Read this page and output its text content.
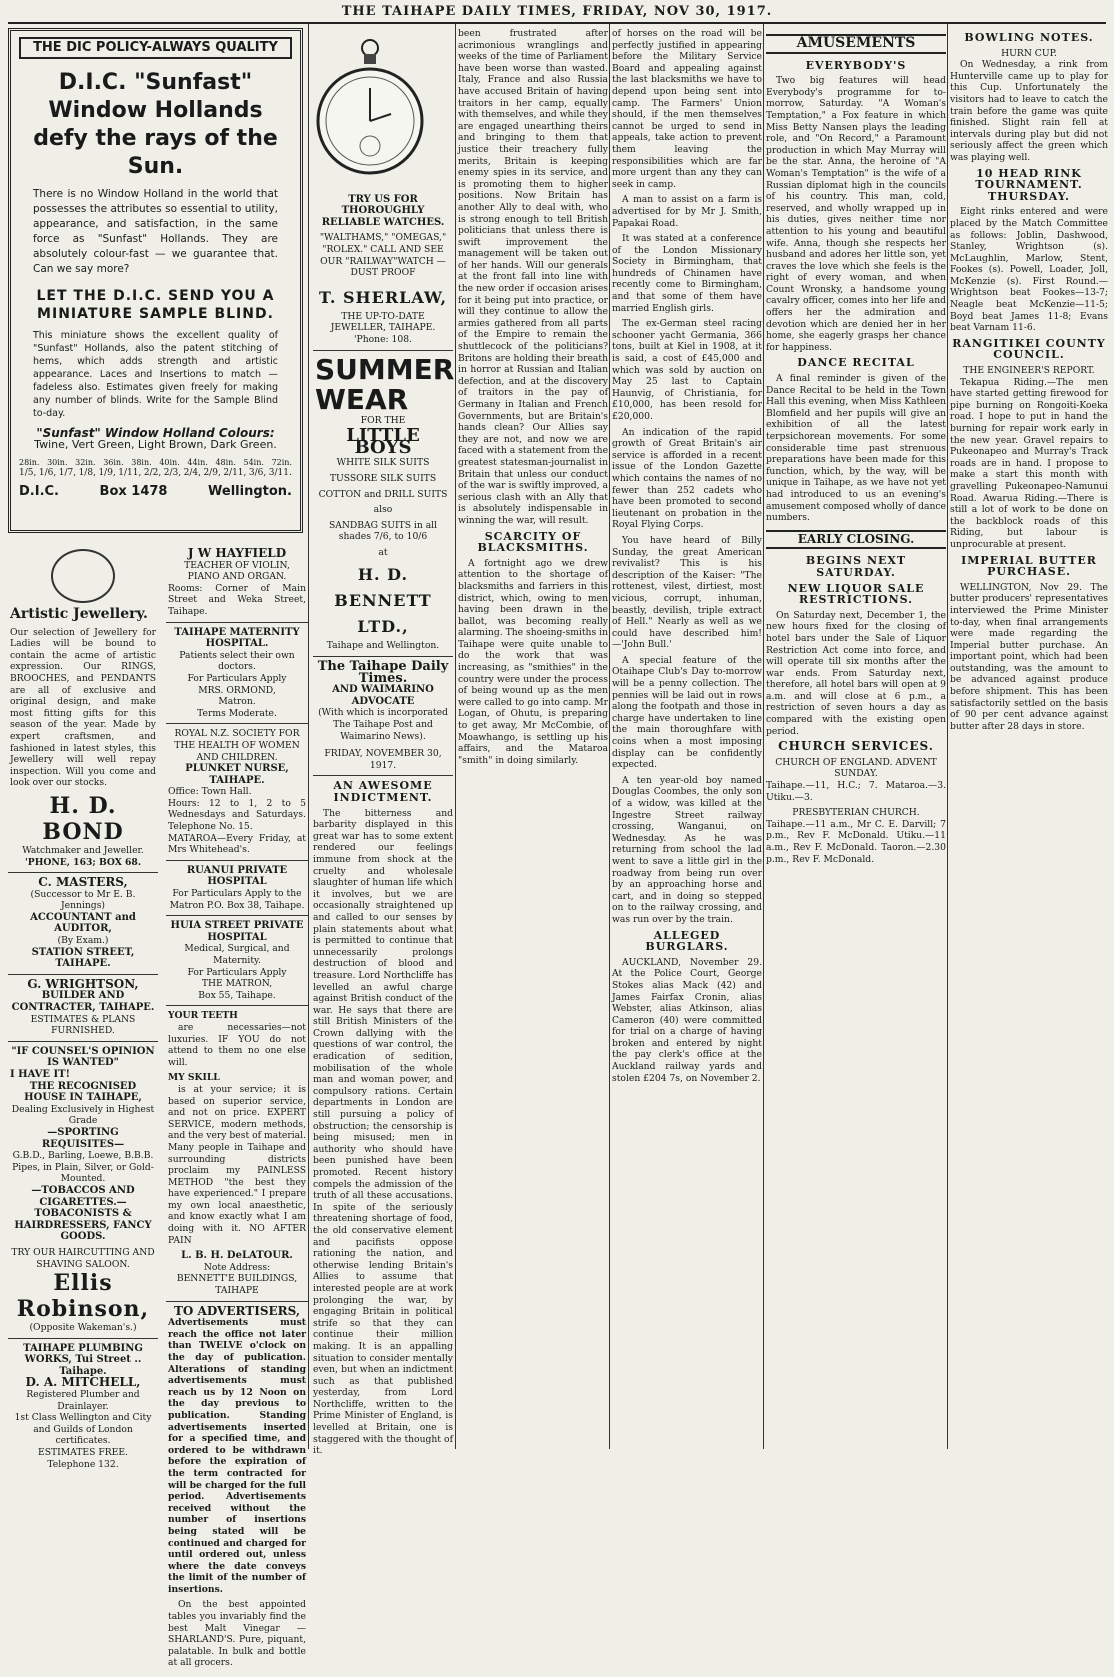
THE TAIHAPE DAILY TIMES, FRIDAY, NOV 30, 1917.
THE DIC POLICY-ALWAYS QUALITY
D.I.C. "Sunfast" Window Hollands defy the rays of the Sun.
There is no Window Holland in the world that possesses the attributes so essential to utility, appearance, and satisfaction, in the same force as "Sunfast" Hollands. They are absolutely colour-fast — we guarantee that. Can we say more?
LET THE D.I.C. SEND YOU A MINIATURE SAMPLE BLIND.
This miniature shows the excellent quality of "Sunfast" Hollands, also the patent stitching of hems, which adds strength and artistic appearance. Laces and Insertions to match — fadeless also. Estimates given freely for making any number of blinds. Write for the Sample Blind to-day.
"Sunfast" Window Holland Colours:
Twine, Vert Green, Light Brown, Dark Green.
28in. 30in. 32in. 36in. 38in. 40in. 44in. 48in. 54in. 72in.
1/5, 1/6, 1/7, 1/8, 1/9, 1/11, 2/2, 2/3, 2/4, 2/9, 2/11, 3/6, 3/11.
D.I.C.	Box 1478	Wellington.
Artistic Jewellery.

Our selection of Jewellery for Ladies will be bound to contain the acme of artistic expression. Our RINGS, BROOCHES, and PENDANTS are all of exclusive and original design, and make most fitting gifts for this season of the year. Made by expert craftsmen, and fashioned in latest styles, this Jewellery will well repay inspection. Will you come and look over our stocks.

H. D. BOND
Watchmaker and Jeweller.
'PHONE, 163; BOX 68.
C. MASTERS,
(Successor to Mr E. B. Jennings)
ACCOUNTANT and AUDITOR,
(By Exam.)
STATION STREET, TAIHAPE.
G. WRIGHTSON,
BUILDER AND CONTRACTER, TAIHAPE.
ESTIMATES & PLANS FURNISHED.
"IF COUNSEL'S OPINION IS WANTED"
I HAVE IT!
THE RECOGNISED HOUSE IN TAIHAPE,
Dealing Exclusively in Highest Grade
—SPORTING REQUISITES—
G.B.D., Barling, Loewe, B.B.B. Pipes, in Plain, Silver, or Gold-Mounted.
—TOBACCOS AND CIGARETTES.—
TOBACONISTS & HAIRDRESSERS, FANCY GOODS.
TRY OUR HAIRCUTTING AND SHAVING SALOON.
Ellis Robinson,
(Opposite Wakeman's.)
TAIHAPE PLUMBING WORKS, Tui Street .. Taihape.
D. A. MITCHELL,
Registered Plumber and Drainlayer.
1st Class Wellington and City and Guilds of London certificates.
ESTIMATES FREE.
Telephone 132.
J W HAYFIELD
TEACHER OF VIOLIN, PIANO AND ORGAN.
Rooms: Corner of Main Street and Weka Street, Taihape.
TAIHAPE MATERNITY HOSPITAL.
Patients select their own doctors.
For Particulars Apply
MRS. ORMOND,
Matron.
Terms Moderate.
ROYAL N.Z. SOCIETY FOR THE HEALTH OF WOMEN AND CHILDREN.
PLUNKET NURSE, TAIHAPE.
Office: Town Hall.
Hours: 12 to 1, 2 to 5 Wednesdays and Saturdays. Telephone No. 15.
MATAROA—Every Friday, at Mrs Whitehead's.
RUANUI PRIVATE HOSPITAL
For Particulars Apply to the Matron P.O. Box 38, Taihape.
HUIA STREET PRIVATE HOSPITAL
Medical, Surgical, and Maternity.
For Particulars Apply
THE MATRON,
Box 55, Taihape.
YOUR TEETH

are necessaries—not luxuries. IF YOU do not attend to them no one else will.

MY SKILL

is at your service; it is based on superior service, and not on price. EXPERT SERVICE, modern methods, and the very best of material. Many people in Taihape and surrounding districts proclaim my PAINLESS METHOD "the best they have experienced." I prepare my own local anaesthetic, and know exactly what I am doing with it. NO AFTER PAIN

L. B. H. DeLATOUR.
Note Address:
BENNETT'E BUILDINGS, TAIHAPE
TO ADVERTISERS,

Advertisements must reach the office not later than TWELVE o'clock on the day of publication. Alterations of standing advertisements must reach us by 12 Noon on the day previous to publication. Standing advertisements inserted for a specified time, and ordered to be withdrawn before the expiration of the term contracted for will be charged for the full period. Advertisements received without the number of insertions being stated will be continued and charged for until ordered out, unless where the date conveys the limit of the number of insertions.

On the best appointed tables you invariably find the best Malt Vinegar — SHARLAND'S. Pure, piquant, palatable. In bulk and bottle at all grocers.

TRY US FOR THOROUGHLY RELIABLE WATCHES.
"WALTHAMS," "OMEGAS," "ROLEX." CALL AND SEE OUR "RAILWAY"WATCH —DUST PROOF
T. SHERLAW,
THE UP-TO-DATE JEWELLER, TAIHAPE.
'Phone: 108.
SUMMER WEAR
FOR THE
LITTLE BOYS
WHITE SILK SUITS
TUSSORE SILK SUITS
COTTON and DRILL SUITS
also
SANDBAG SUITS in all shades 7/6, to 10/6
at
H. D. BENNETT LTD.,
Taihape and Wellington.
The Taihape Daily Times.
AND WAIMARINO ADVOCATE
(With which is incorporated The Taihape Post and Waimarino News).
FRIDAY, NOVEMBER 30, 1917.
AN AWESOME INDICTMENT.

The bitterness and barbarity displayed in this great war has to some extent rendered our feelings immune from shock at the cruelty and wholesale slaughter of human life which it involves, but we are occasionally straightened up and called to our senses by plain statements about what is permitted to continue that unnecessarily prolongs destruction of blood and treasure. Lord Northcliffe has levelled an awful charge against British conduct of the war. He says that there are still British Ministers of the Crown dallying with the questions of war control, the eradication of sedition, mobilisation of the whole man and woman power, and compulsory rations. Certain departments in London are still pursuing a policy of obstruction; the censorship is being misused; men in authority who should have been punished have been promoted. Recent history compels the admission of the truth of all these accusations. In spite of the seriously threatening shortage of food, the old conservative element and pacifists oppose rationing the nation, and otherwise lending Britain's Allies to assume that interested people are at work prolonging the war, by engaging Britain in political strife so that they can continue their million making. It is an appalling situation to consider mentally even, but when an indictment such as that published yesterday, from Lord Northcliffe, written to the Prime Minister of England, is levelled at Britain, one is staggered with the thought of it.

been frustrated after acrimonious wranglings and weeks of the time of Parliament have been worse than wasted. Italy, France and also Russia have accused Britain of having traitors in her camp, equally with themselves, and while they are engaged unearthing theirs and bringing to them that justice their treachery fully merits, Britain is keeping enemy spies in its service, and is promoting them to higher positions. Now Britain has another Ally to deal with, who is strong enough to tell British politicians that unless there is swift improvement the management will be taken out of her hands. Will our generals at the front fall into line with the new order if occasion arises for it being put into practice, or will they continue to allow the armies gathered from all parts of the Empire to remain the shuttlecock of the politicians? Britons are holding their breath in horror at Russian and Italian defection, and at the discovery of traitors in the pay of Germany in Italian and French Governments, but are Britain's hands clean? Our Allies say they are not, and now we are faced with a statement from the greatest statesman-journalist in Britain that unless our conduct of the war is swiftly improved, a serious clash with an Ally that is absolutely indispensable in winning the war, will result.

SCARCITY OF BLACKSMITHS.

A fortnight ago we drew attention to the shortage of blacksmiths and farriers in this district, which, owing to men having been drawn in the ballot, was becoming really alarming. The shoeing-smiths in Taihape were quite unable to do the work that was increasing, as "smithies" in the country were under the process of being wound up as the men were called to go into camp. Mr Logan, of Ohutu, is preparing to get away, Mr McCombie, of Moawhango, is settling up his affairs, and the Mataroa "smith" in doing similarly.

of horses on the road will be perfectly justified in appearing before the Military Service Board and appealing against the last blacksmiths we have to depend upon being sent into camp. The Farmers' Union should, if the men themselves cannot be urged to send in appeals, take action to prevent them leaving the responsibilities which are far more urgent than any they can seek in camp.

A man to assist on a farm is advertised for by Mr J. Smith, Papakai Road.

It was stated at a conference of the London Missionary Society in Birmingham, that hundreds of Chinamen have recently come to Birmingham, and that some of them have married English girls.

The ex-German steel racing schooner yacht Germania, 366 tons, built at Kiel in 1908, at it is said, a cost of £45,000 and which was sold by auction on May 25 last to Captain Haunvig, of Christiania, for £10,000, has been resold for £20,000.

An indication of the rapid growth of Great Britain's air service is afforded in a recent issue of the London Gazette which contains the names of no fewer than 252 cadets who have been promoted to second lieutenant on probation in the Royal Flying Corps.

You have heard of Billy Sunday, the great American revivalist? This is his description of the Kaiser: "The rottenest, vilest, dirtiest, most vicious, corrupt, inhuman, beastly, devilish, triple extract of Hell." Nearly as well as we could have described him!—'John Bull.'

A special feature of the Otaihape Club's Day to-morrow will be a penny collection. The pennies will be laid out in rows along the footpath and those in charge have undertaken to line the main thoroughfare with coins when a most imposing display can be confidently expected.

A ten year-old boy named Douglas Coombes, the only son of a widow, was killed at the Ingestre Street railway crossing, Wanganui, on Wednesday. As he was returning from school the lad went to save a little girl in the roadway from being run over by an approaching horse and cart, and in doing so stepped on to the railway crossing, and was run over by the train.

ALLEGED BURGLARS.

AUCKLAND, November 29. At the Police Court, George Stokes alias Mack (42) and James Fairfax Cronin, alias Webster, alias Atkinson, alias Cameron (40) were committed for trial on a charge of having broken and entered by night the pay clerk's office at the Auckland railway yards and stolen £204 7s, on November 2.

AMUSEMENTS
EVERYBODY'S

Two big features will head Everybody's programme for to-morrow, Saturday. "A Woman's Temptation," a Fox feature in which Miss Betty Nansen plays the leading role, and "On Record," a Paramount production in which May Murray will be the star. Anna, the heroine of "A Woman's Temptation" is the wife of a Russian diplomat high in the councils of his country. This man, cold, reserved, and wholly wrapped up in his duties, gives neither time nor attention to his young and beautiful wife. Anna, though she respects her husband and adores her little son, yet craves the love which she feels is the right of every woman, and when Count Wronsky, a handsome young cavalry officer, comes into her life and offers her the admiration and devotion which are denied her in her home, she eagerly grasps her chance for happiness.

DANCE RECITAL

A final reminder is given of the Dance Recital to be held in the Town Hall this evening, when Miss Kathleen Blomfield and her pupils will give an exhibition of all the latest terpsichorean movements. For some considerable time past strenuous preparations have been made for this function, which, by the way, will be unique in Taihape, as we have not yet had introduced to us an evening's amusement composed wholly of dance numbers.

EARLY CLOSING.
BEGINS NEXT SATURDAY.
NEW LIQUOR SALE RESTRICTIONS.

On Saturday next, December 1, the new hours fixed for the closing of hotel bars under the Sale of Liquor Restriction Act come into force, and will operate till six months after the war ends. From Saturday next, therefore, all hotel bars will open at 9 a.m. and will close at 6 p.m., a restriction of seven hours a day as compared with the existing open period.

CHURCH SERVICES.
CHURCH OF ENGLAND. ADVENT SUNDAY.

Taihape.—11, H.C.; 7. Mataroa.—3. Utiku.—3.

PRESBYTERIAN CHURCH.

Taihape.—11 a.m., Mr C. E. Darvill; 7 p.m., Rev F. McDonald. Utiku.—11 a.m., Rev F. McDonald. Taoron.—2.30 p.m., Rev F. McDonald.

BOWLING NOTES.
HURN CUP.

On Wednesday, a rink from Hunterville came up to play for this Cup. Unfortunately the visitors had to leave to catch the train before the game was quite finished. Slight rain fell at intervals during play but did not seriously affect the green which was playing well.

10 HEAD RINK TOURNAMENT. THURSDAY.

Eight rinks entered and were placed by the Match Committee as follows: Joblin, Dashwood, Stanley, Wrightson (s). McLaughlin, Marlow, Stent, Fookes (s). Powell, Loader, Joll, McKenzie (s). First Round.—Wrightson beat Fookes—13-7; Neagle beat McKenzie—11-5; Boyd beat James 11-8; Evans beat Varnam 11-6.

RANGITIKEI COUNTY COUNCIL.
THE ENGINEER'S REPORT.

Tekapua Riding.—The men have started getting firewood for pipe burning on Rongoiti-Koeka road. I hope to put in hand the burning for repair work early in the new year. Gravel repairs to Pukeonapeo and Murray's Track roads are in hand. I propose to make a start this month with gravelling Pukeonapeo-Namunui Road. Awarua Riding.—There is still a lot of work to be done on the backblock roads of this Riding, but labour is unprocurable at present.

IMPERIAL BUTTER PURCHASE.

WELLINGTON, Nov 29. The butter producers' representatives interviewed the Prime Minister to-day, when final arrangements were made regarding the Imperial butter purchase. An important point, which had been outstanding, was the amount to be advanced against produce before shipment. This has been satisfactorily settled on the basis of 90 per cent advance against butter after 28 days in store.
